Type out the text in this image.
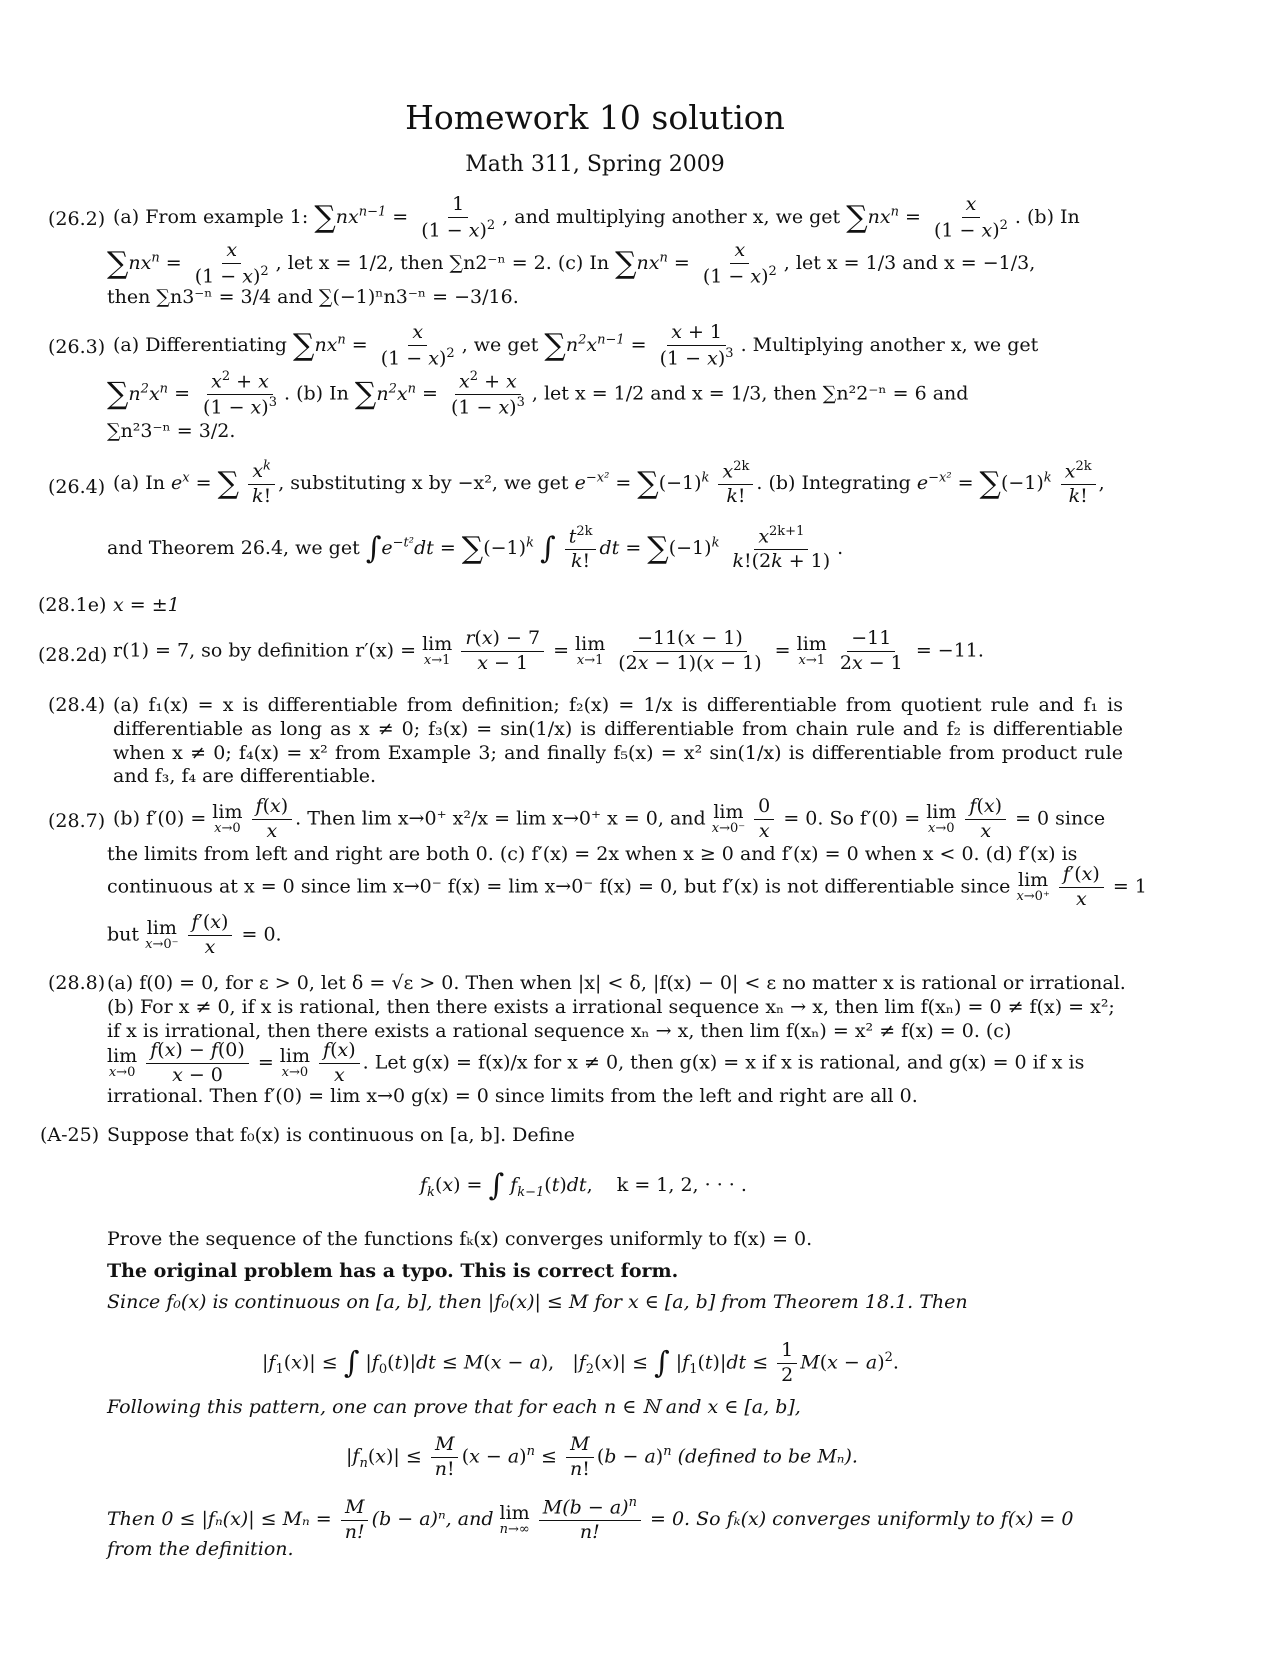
Homework 10 solution
Math 311, Spring 2009
(26.2) (a) From example 1: $\sum nx^{n-1} = \frac{1}{(1 - x)^2}$ , and multiplying another x, we get $\sum nx^n = \frac{x}{(1 - x)^2}$ . (b) In
$\sum nx^n = \frac{x}{(1 - x)^2}$ , let x = 1/2, then ∑n2⁻ⁿ = 2. (c) In $\sum nx^n = \frac{x}{(1 - x)^2}$ , let x = 1/3 and x = −1/3,
then ∑n3⁻ⁿ = 3/4 and ∑(−1)ⁿn3⁻ⁿ = −3/16.
(26.3) (a) Differentiating $\sum nx^n = \frac{x}{(1 - x)^2}$ , we get $\sum n^2x^{n-1} = \frac{x + 1}{(1 - x)^3}$ . Multiplying another x, we get
$\sum n^2x^n = \frac{x^2 + x}{(1 - x)^3}$ . (b) In $\sum n^2x^n = \frac{x^2 + x}{(1 - x)^3}$ , let x = 1/2 and x = 1/3, then ∑n²2⁻ⁿ = 6 and
∑n²3⁻ⁿ = 3/2.
(26.4) (a) In $e^x$ = ∑ $\frac{x^k}{k!}$ , substituting x by −x², we get $e^{-x^2} = \sum(-1)^k \frac{x^{2k}}{k!}$ . (b) Integrating $e^{-x^2} = \sum(-1)^k \frac{x^{2k}}{k!}$ ,
and Theorem 26.4, we get $\int e^{-t^2}dt = \sum(-1)^k$ ∫ $\frac{t^{2k}}{k!}$ dt = $\sum(-1)^k \frac{x^{2k+1}}{k!(2k + 1)}$ .
(28.1e) x = ±1
(28.2d) r(1) = 7, so by definition r′(x) = lim
x→1
$\frac{r(x) - 7}{x - 1} = \lim$
x→1
$\frac{-11(x - 1)}{(2x - 1)(x - 1)} = \lim$
x→1
$\frac{-11}{2x - 1} = -11$.
(28.4) (a) f₁(x) = x is differentiable from definition; f₂(x) = 1/x is differentiable from quotient rule and f₁ is differentiable as long as x ≠ 0; f₃(x) = sin(1/x) is differentiable from chain rule and f₂ is differentiable when x ≠ 0; f₄(x) = x² from Example 3; and finally f₅(x) = x² sin(1/x) is differentiable from product rule and f₃, f₄ are differentiable.
(28.7) (b) f′(0) = lim
x→0
$\frac{f(x)}{x}$ . Then lim x→0⁺ x²/x = lim x→0⁺ x = 0, and lim
x→0⁻
$\frac{0}{x} = 0$. So f′(0) = lim
x→0
$\frac{f(x)}{x} = 0$ since
the limits from left and right are both 0. (c) f′(x) = 2x when x ≥ 0 and f′(x) = 0 when x < 0. (d) f′(x) is
continuous at x = 0 since lim x→0⁻ f(x) = lim x→0⁻ f(x) = 0, but f′(x) is not differentiable since lim
x→0⁺
$\frac{f'(x)}{x} = 1$
but lim
x→0⁻
$\frac{f'(x)}{x} = 0$.
(28.8) (a) f(0) = 0, for ε > 0, let δ = √ε > 0. Then when |x| < δ, |f(x) − 0| < ε no matter x is rational or irrational.
(b) For x ≠ 0, if x is rational, then there exists a irrational sequence xₙ → x, then lim f(xₙ) = 0 ≠ f(x) = x²;
if x is irrational, then there exists a rational sequence xₙ → x, then lim f(xₙ) = x² ≠ f(x) = 0. (c)
lim
x→0
$\frac{f(x) - f(0)}{x - 0} = \lim$
x→0
$\frac{f(x)}{x}$ . Let g(x) = f(x)/x for x ≠ 0, then g(x) = x if x is rational, and g(x) = 0 if x is
irrational. Then f′(0) = lim x→0 g(x) = 0 since limits from the left and right are all 0.
(A-25) Suppose that f₀(x) is continuous on [a, b]. Define
$f_k(x)$ = ∫ $f_{k-1}(t)dt$,    k = 1, 2, · · · .
Prove the sequence of the functions fₖ(x) converges uniformly to f(x) = 0.
The original problem has a typo. This is correct form.
Since f₀(x) is continuous on [a, b], then |f₀(x)| ≤ M for x ∈ [a, b] from Theorem 18.1. Then
$|f_1(x)|$ ≤ ∫ $|f_0(t)|dt \le M(x - a)$,   $|f_2(x)|$ ≤ ∫ $|f_1(t)|dt \le \frac{1}{2} M(x - a)^2$.
Following this pattern, one can prove that for each n ∈ ℕ and x ∈ [a, b],
$|f_n(x)| \le \frac{M}{n!} (x - a)^n \le \frac{M}{n!} (b - a)^n$ (defined to be Mₙ).
Then $0 \le |f_n(x)| \le M_n = \frac{M}{n!} (b - a)^n$, and lim
n→∞
$\frac{M(b - a)^n}{n!} = 0$. So fₖ(x) converges uniformly to f(x) = 0
from the definition.
